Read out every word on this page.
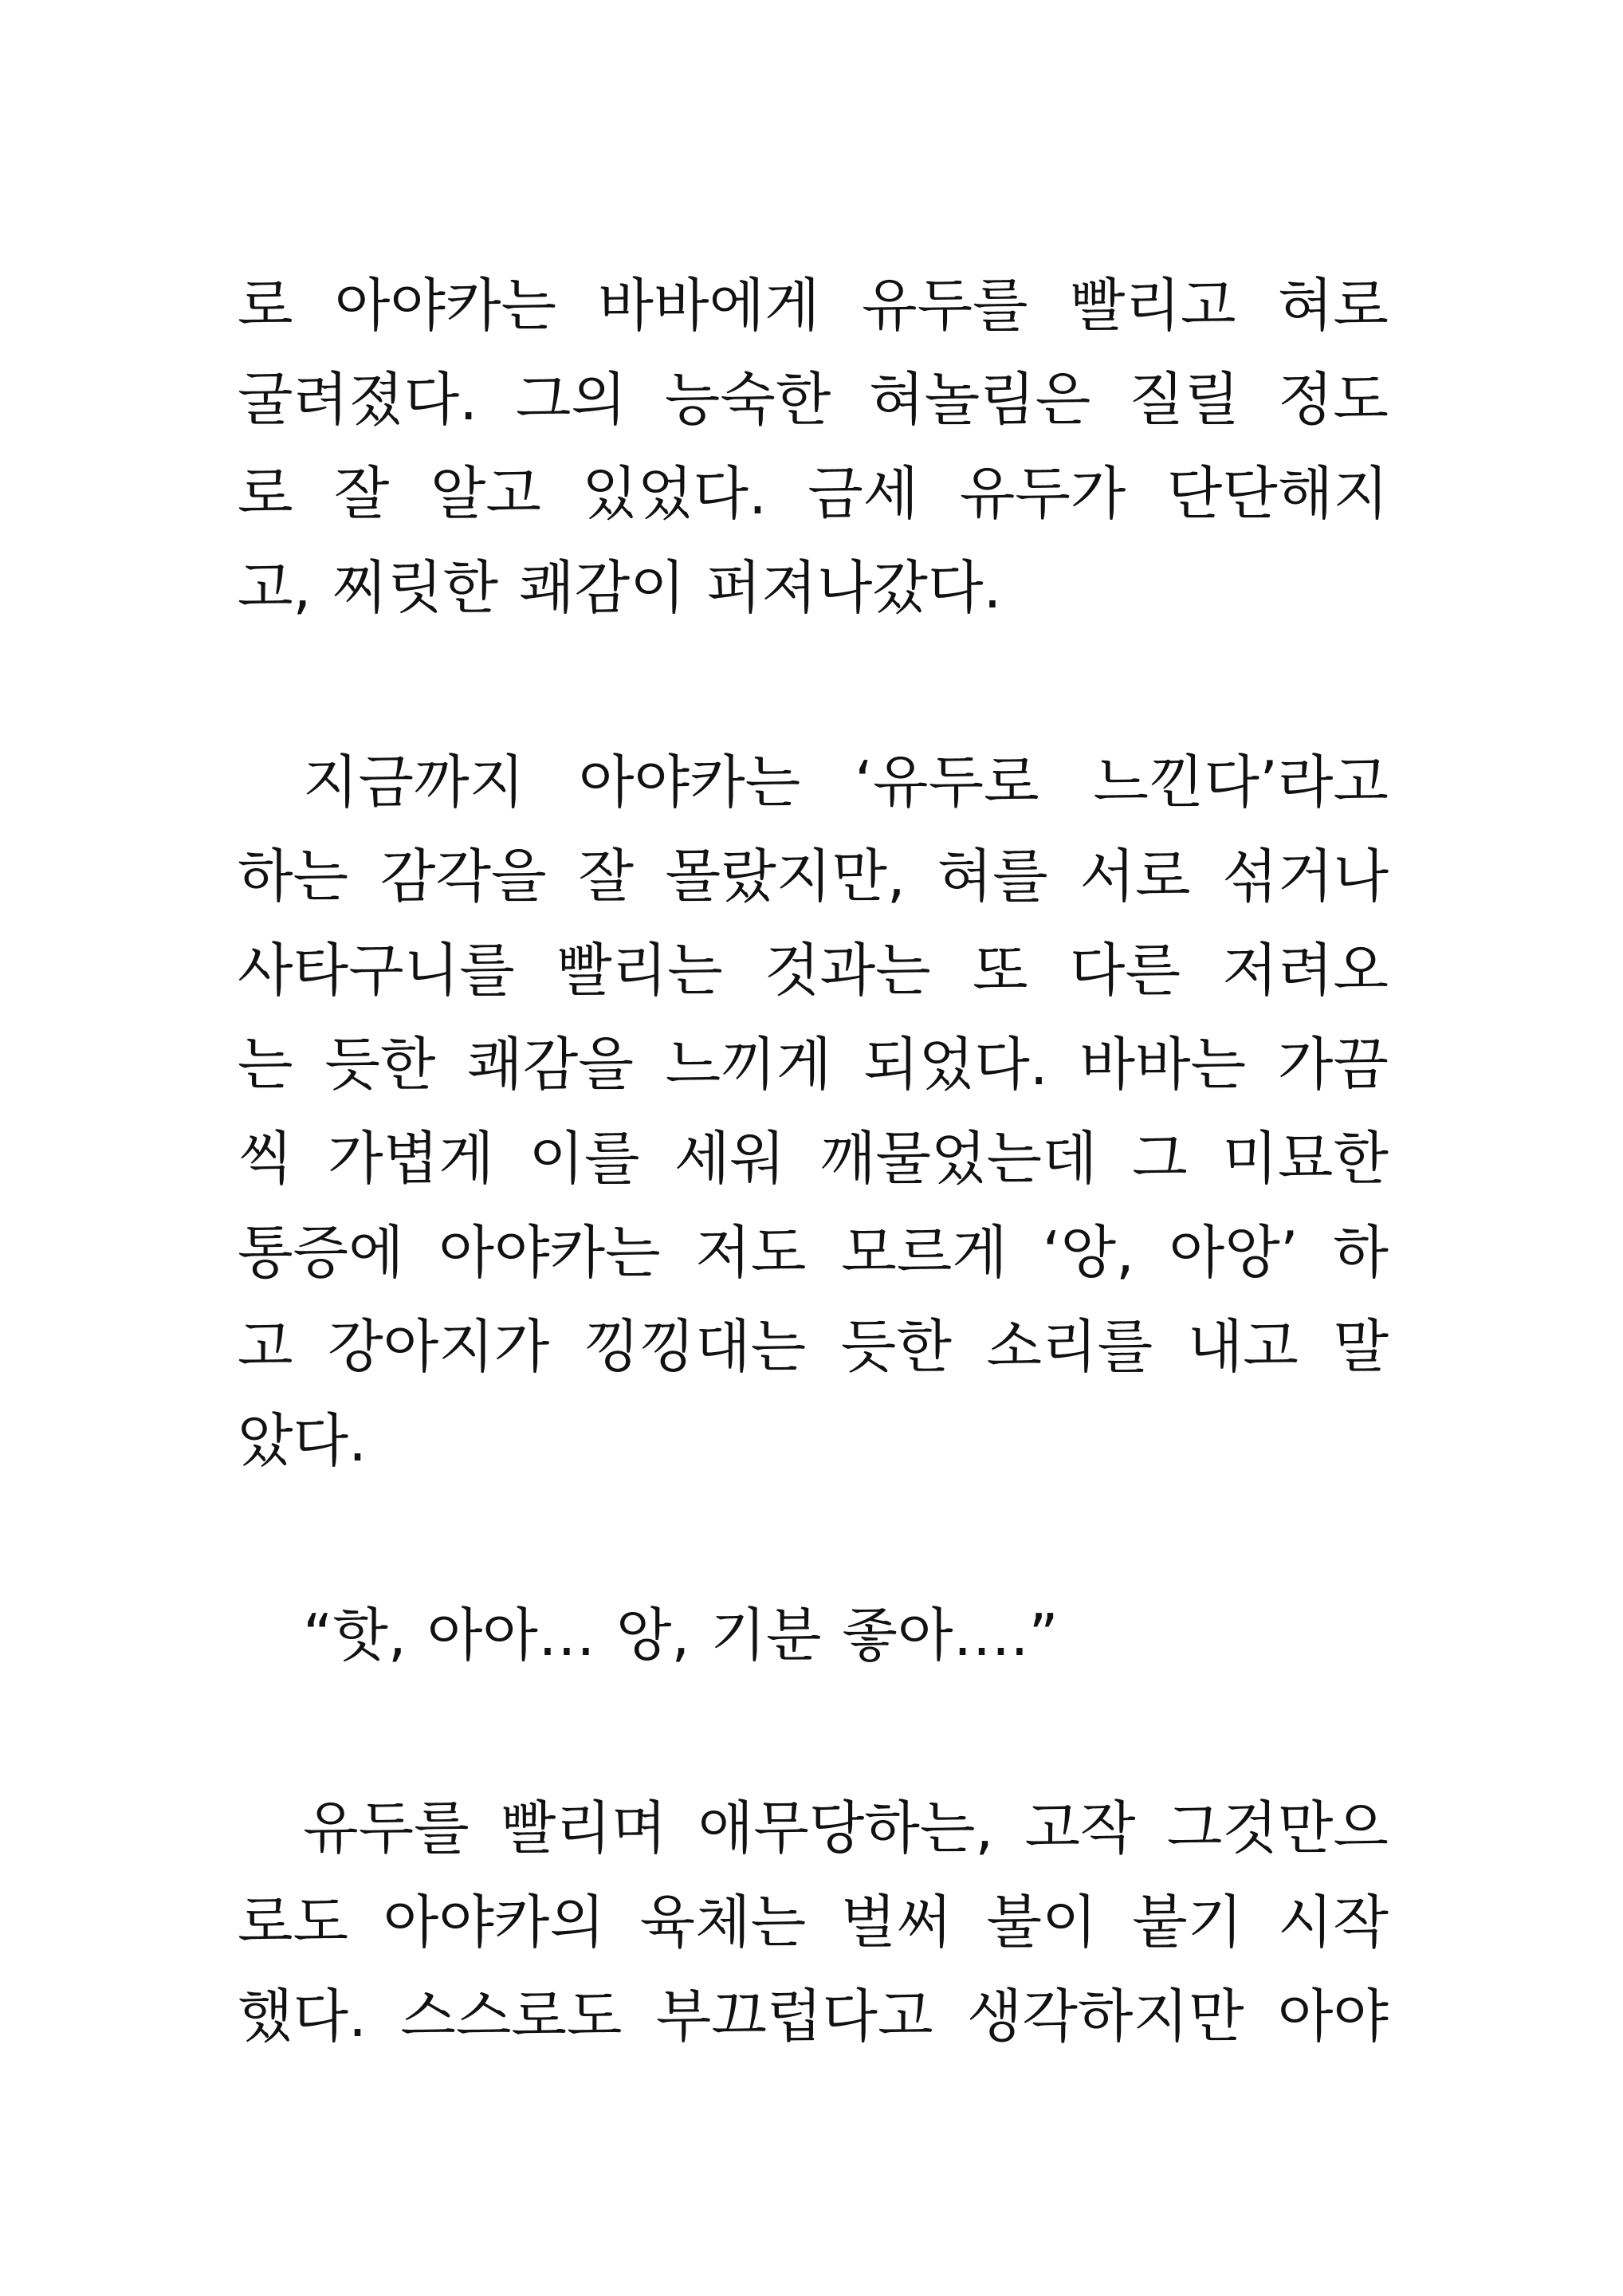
로 아야카는 바바에게 유두를 빨리고 혀로
굴려졌다. 그의 능숙한 혀놀림은 질릴 정도
로 잘 알고 있었다. 금세 유두가 단단해지
고, 찌릿한 쾌감이 퍼져나갔다.
지금까지 아야카는 ‘유두로 느낀다’라고
하는 감각을 잘 몰랐지만, 혀를 서로 섞거나
사타구니를 빨리는 것과는 또 다른 저려오
는 듯한 쾌감을 느끼게 되었다. 바바는 가끔
씩 가볍게 이를 세워 깨물었는데 그 미묘한
통증에 아야카는 저도 모르게 ‘앙, 아앙’ 하
고 강아지가 낑낑대는 듯한 소리를 내고 말
았다.
“핫, 아아… 앙, 기분 좋아….”
유두를 빨리며 애무당하는, 고작 그것만으
로도 아야카의 육체는 벌써 불이 붙기 시작
했다. 스스로도 부끄럽다고 생각하지만 아야
